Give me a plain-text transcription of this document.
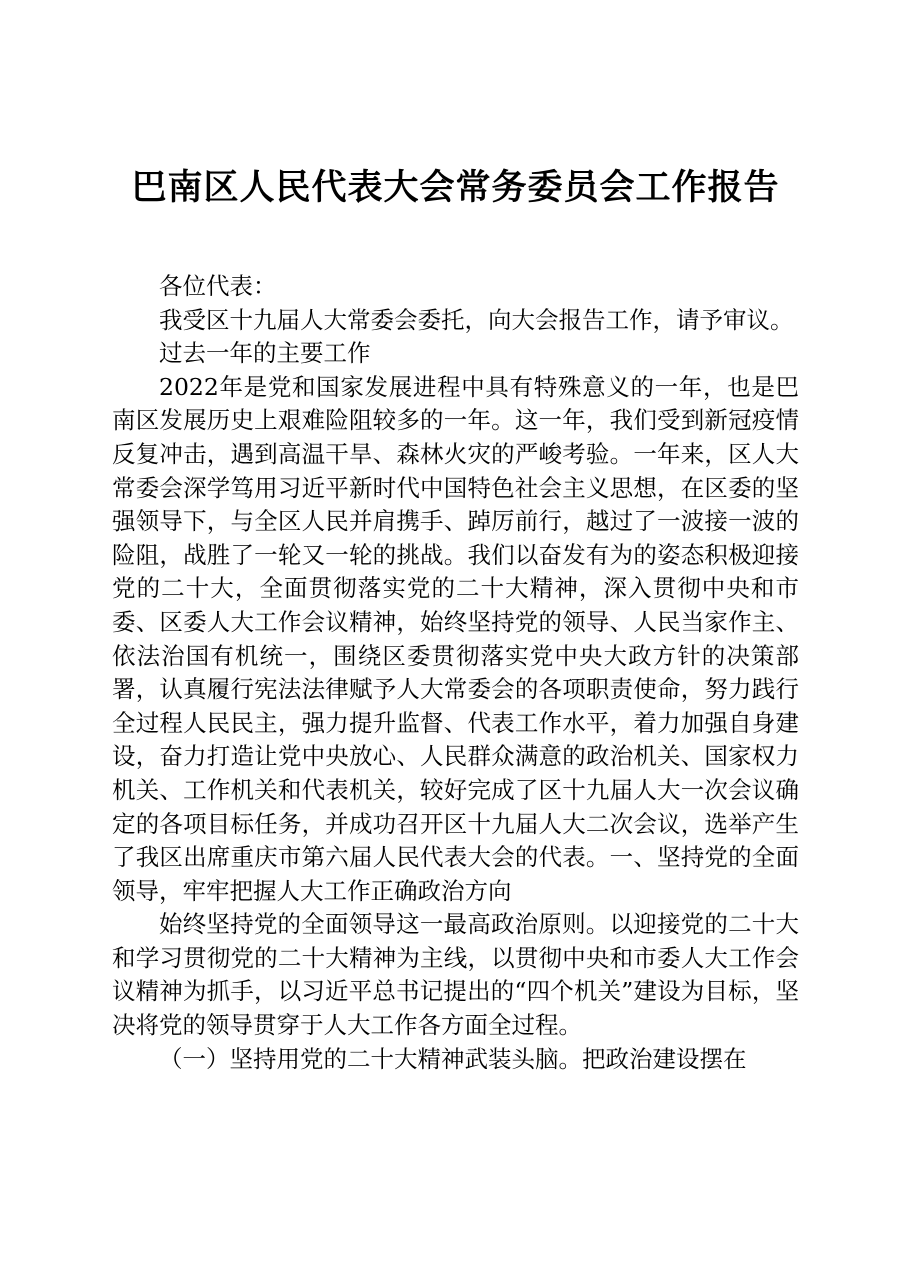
巴南区人民代表大会常务委员会工作报告

各位代表：

我受区十九届人大常委会委托，向大会报告工作，请予审议。

过去一年的主要工作

2022年是党和国家发展进程中具有特殊意义的一年，也是巴南区发展历史上艰难险阻较多的一年。这一年，我们受到新冠疫情反复冲击，遇到高温干旱、森林火灾的严峻考验。一年来，区人大常委会深学笃用习近平新时代中国特色社会主义思想，在区委的坚强领导下，与全区人民并肩携手、踔厉前行，越过了一波接一波的险阻，战胜了一轮又一轮的挑战。我们以奋发有为的姿态积极迎接党的二十大，全面贯彻落实党的二十大精神，深入贯彻中央和市委、区委人大工作会议精神，始终坚持党的领导、人民当家作主、依法治国有机统一，围绕区委贯彻落实党中央大政方针的决策部署，认真履行宪法法律赋予人大常委会的各项职责使命，努力践行全过程人民民主，强力提升监督、代表工作水平，着力加强自身建设，奋力打造让党中央放心、人民群众满意的政治机关、国家权力机关、工作机关和代表机关，较好完成了区十九届人大一次会议确定的各项目标任务，并成功召开区十九届人大二次会议，选举产生了我区出席重庆市第六届人民代表大会的代表。一、坚持党的全面领导，牢牢把握人大工作正确政治方向

始终坚持党的全面领导这一最高政治原则。以迎接党的二十大和学习贯彻党的二十大精神为主线，以贯彻中央和市委人大工作会议精神为抓手，以习近平总书记提出的“四个机关”建设为目标，坚决将党的领导贯穿于人大工作各方面全过程。

（一）坚持用党的二十大精神武装头脑。把政治建设摆在
